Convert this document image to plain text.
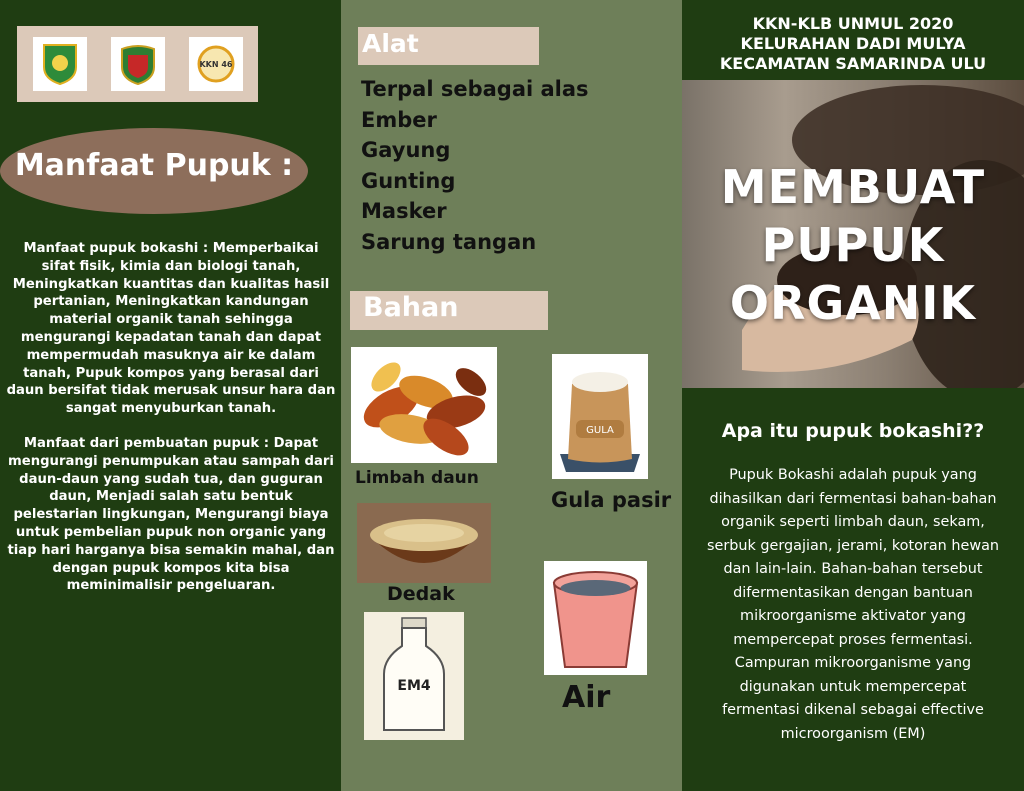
KKN 46
Manfaat Pupuk :

Manfaat pupuk bokashi : Memperbaikai sifat fisik, kimia dan biologi tanah, Meningkatkan kuantitas dan kualitas hasil pertanian, Meningkatkan kandungan material organik tanah sehingga mengurangi kepadatan tanah dan dapat mempermudah masuknya air ke dalam tanah, Pupuk kompos yang berasal dari daun bersifat tidak merusak unsur hara dan sangat menyuburkan tanah.

Manfaat dari pembuatan pupuk : Dapat mengurangi penumpukan atau sampah dari daun-daun yang sudah tua, dan guguran daun, Menjadi salah satu bentuk pelestarian lingkungan, Mengurangi biaya untuk pembelian pupuk non organic yang tiap hari harganya bisa semakin mahal, dan dengan pupuk kompos kita bisa meminimalisir pengeluaran.

Alat
Terpal sebagai alas
Ember
Gayung
Gunting
Masker
Sarung tangan
Bahan
Limbah daun
GULA
Gula pasir
Dedak
EM4	Air
KKN-KLB UNMUL 2020
KELURAHAN DADI MULYA
KECAMATAN SAMARINDA ULU
MEMBUAT
PUPUK
ORGANIK
Apa itu pupuk bokashi??
Pupuk Bokashi adalah pupuk yang dihasilkan dari fermentasi bahan-bahan organik seperti limbah daun, sekam, serbuk gergajian, jerami, kotoran hewan dan lain-lain. Bahan-bahan tersebut difermentasikan dengan bantuan mikroorganisme aktivator yang mempercepat proses fermentasi. Campuran mikroorganisme yang digunakan untuk mempercepat fermentasi dikenal sebagai effective microorganism (EM)
